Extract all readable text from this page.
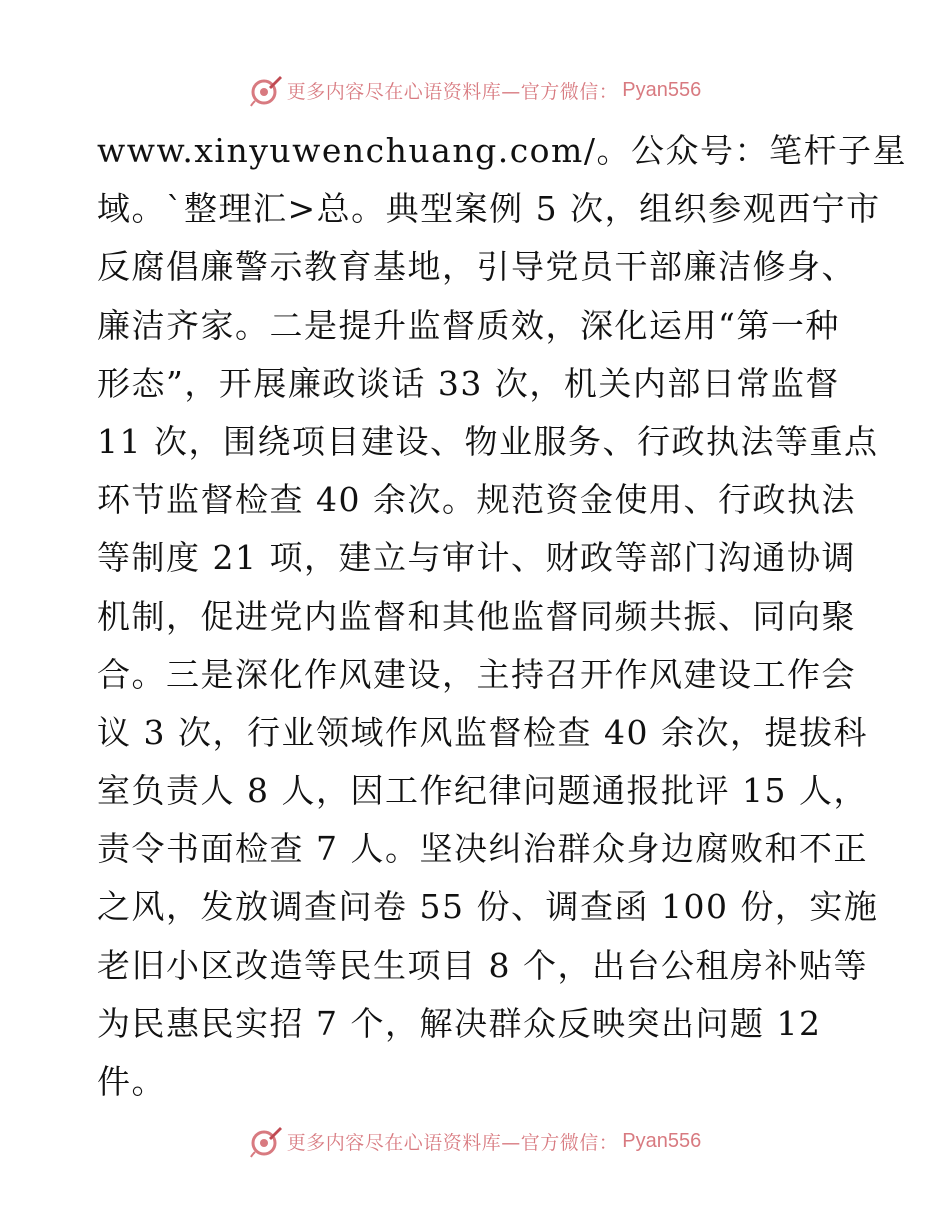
更多内容尽在心语资料库—官方微信： Pyan556
www.xinyuwenchuang.com/。公众号：笔杆子星
域。`整理汇>总。典型案例 5 次，组织参观西宁市
反腐倡廉警示教育基地，引导党员干部廉洁修身、
廉洁齐家。二是提升监督质效，深化运用“第一种
形态”，开展廉政谈话 33 次，机关内部日常监督
11 次，围绕项目建设、物业服务、行政执法等重点
环节监督检查 40 余次。规范资金使用、行政执法
等制度 21 项，建立与审计、财政等部门沟通协调
机制，促进党内监督和其他监督同频共振、同向聚
合。三是深化作风建设，主持召开作风建设工作会
议 3 次，行业领域作风监督检查 40 余次，提拔科
室负责人 8 人，因工作纪律问题通报批评 15 人，
责令书面检查 7 人。坚决纠治群众身边腐败和不正
之风，发放调查问卷 55 份、调查函 100 份，实施
老旧小区改造等民生项目 8 个，出台公租房补贴等
为民惠民实招 7 个，解决群众反映突出问题 12
件。
更多内容尽在心语资料库—官方微信： Pyan556
